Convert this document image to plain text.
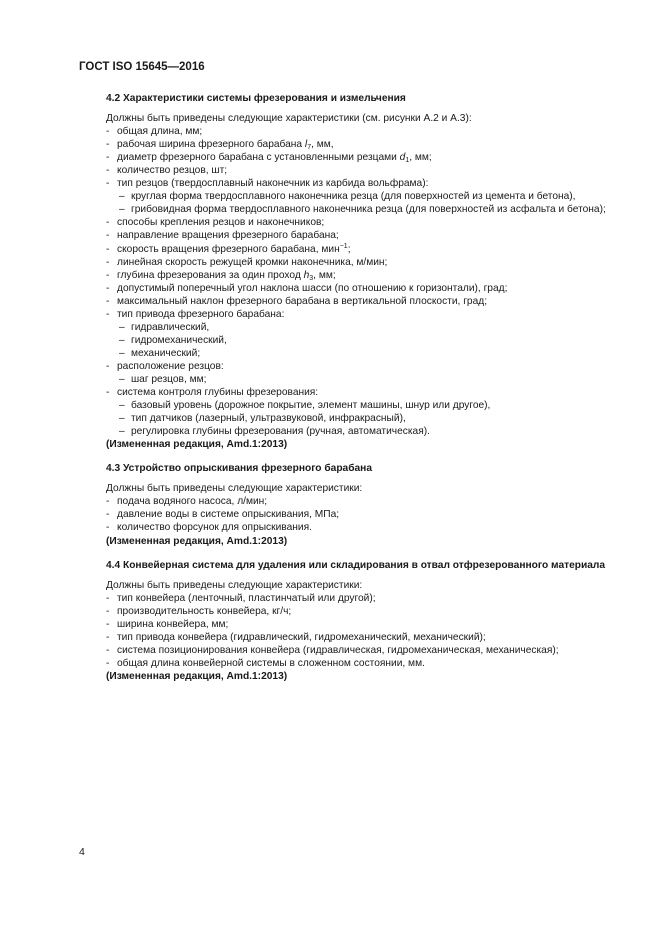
ГОСТ ISO 15645—2016
4.2 Характеристики системы фрезерования и измельчения
Должны быть приведены следующие характеристики (см. рисунки А.2 и А.3):
- общая длина, мм;
- рабочая ширина фрезерного барабана $l_7$, мм,
- диаметр фрезерного барабана с установленными резцами $d_1$, мм;
- количество резцов, шт;
- тип резцов (твердосплавный наконечник из карбида вольфрама):
– круглая форма твердосплавного наконечника резца (для поверхностей из цемента и бетона),
– грибовидная форма твердосплавного наконечника резца (для поверхностей из асфальта и бетона);
- способы крепления резцов и наконечников;
- направление вращения фрезерного барабана;
- скорость вращения фрезерного барабана, мин$^{-1}$;
- линейная скорость режущей кромки наконечника, м/мин;
- глубина фрезерования за один проход $h_3$, мм;
- допустимый поперечный угол наклона шасси (по отношению к горизонтали), град;
- максимальный наклон фрезерного барабана в вертикальной плоскости, град;
- тип привода фрезерного барабана:
– гидравлический,
– гидромеханический,
– механический;
- расположение резцов:
– шаг резцов, мм;
- система контроля глубины фрезерования:
– базовый уровень (дорожное покрытие, элемент машины, шнур или другое),
– тип датчиков (лазерный, ультразвуковой, инфракрасный),
– регулировка глубины фрезерования (ручная, автоматическая).
(Измененная редакция, Amd.1:2013)
4.3 Устройство опрыскивания фрезерного барабана
Должны быть приведены следующие характеристики:
- подача водяного насоса, л/мин;
- давление воды в системе опрыскивания, МПа;
- количество форсунок для опрыскивания.
(Измененная редакция, Amd.1:2013)
4.4 Конвейерная система для удаления или складирования в отвал отфрезерованного материала
Должны быть приведены следующие характеристики:
- тип конвейера (ленточный, пластинчатый или другой);
- производительность конвейера, кг/ч;
- ширина конвейера, мм;
- тип привода конвейера (гидравлический, гидромеханический, механический);
- система позиционирования конвейера (гидравлическая, гидромеханическая, механическая);
- общая длина конвейерной системы в сложенном состоянии, мм.
(Измененная редакция, Amd.1:2013)
4
